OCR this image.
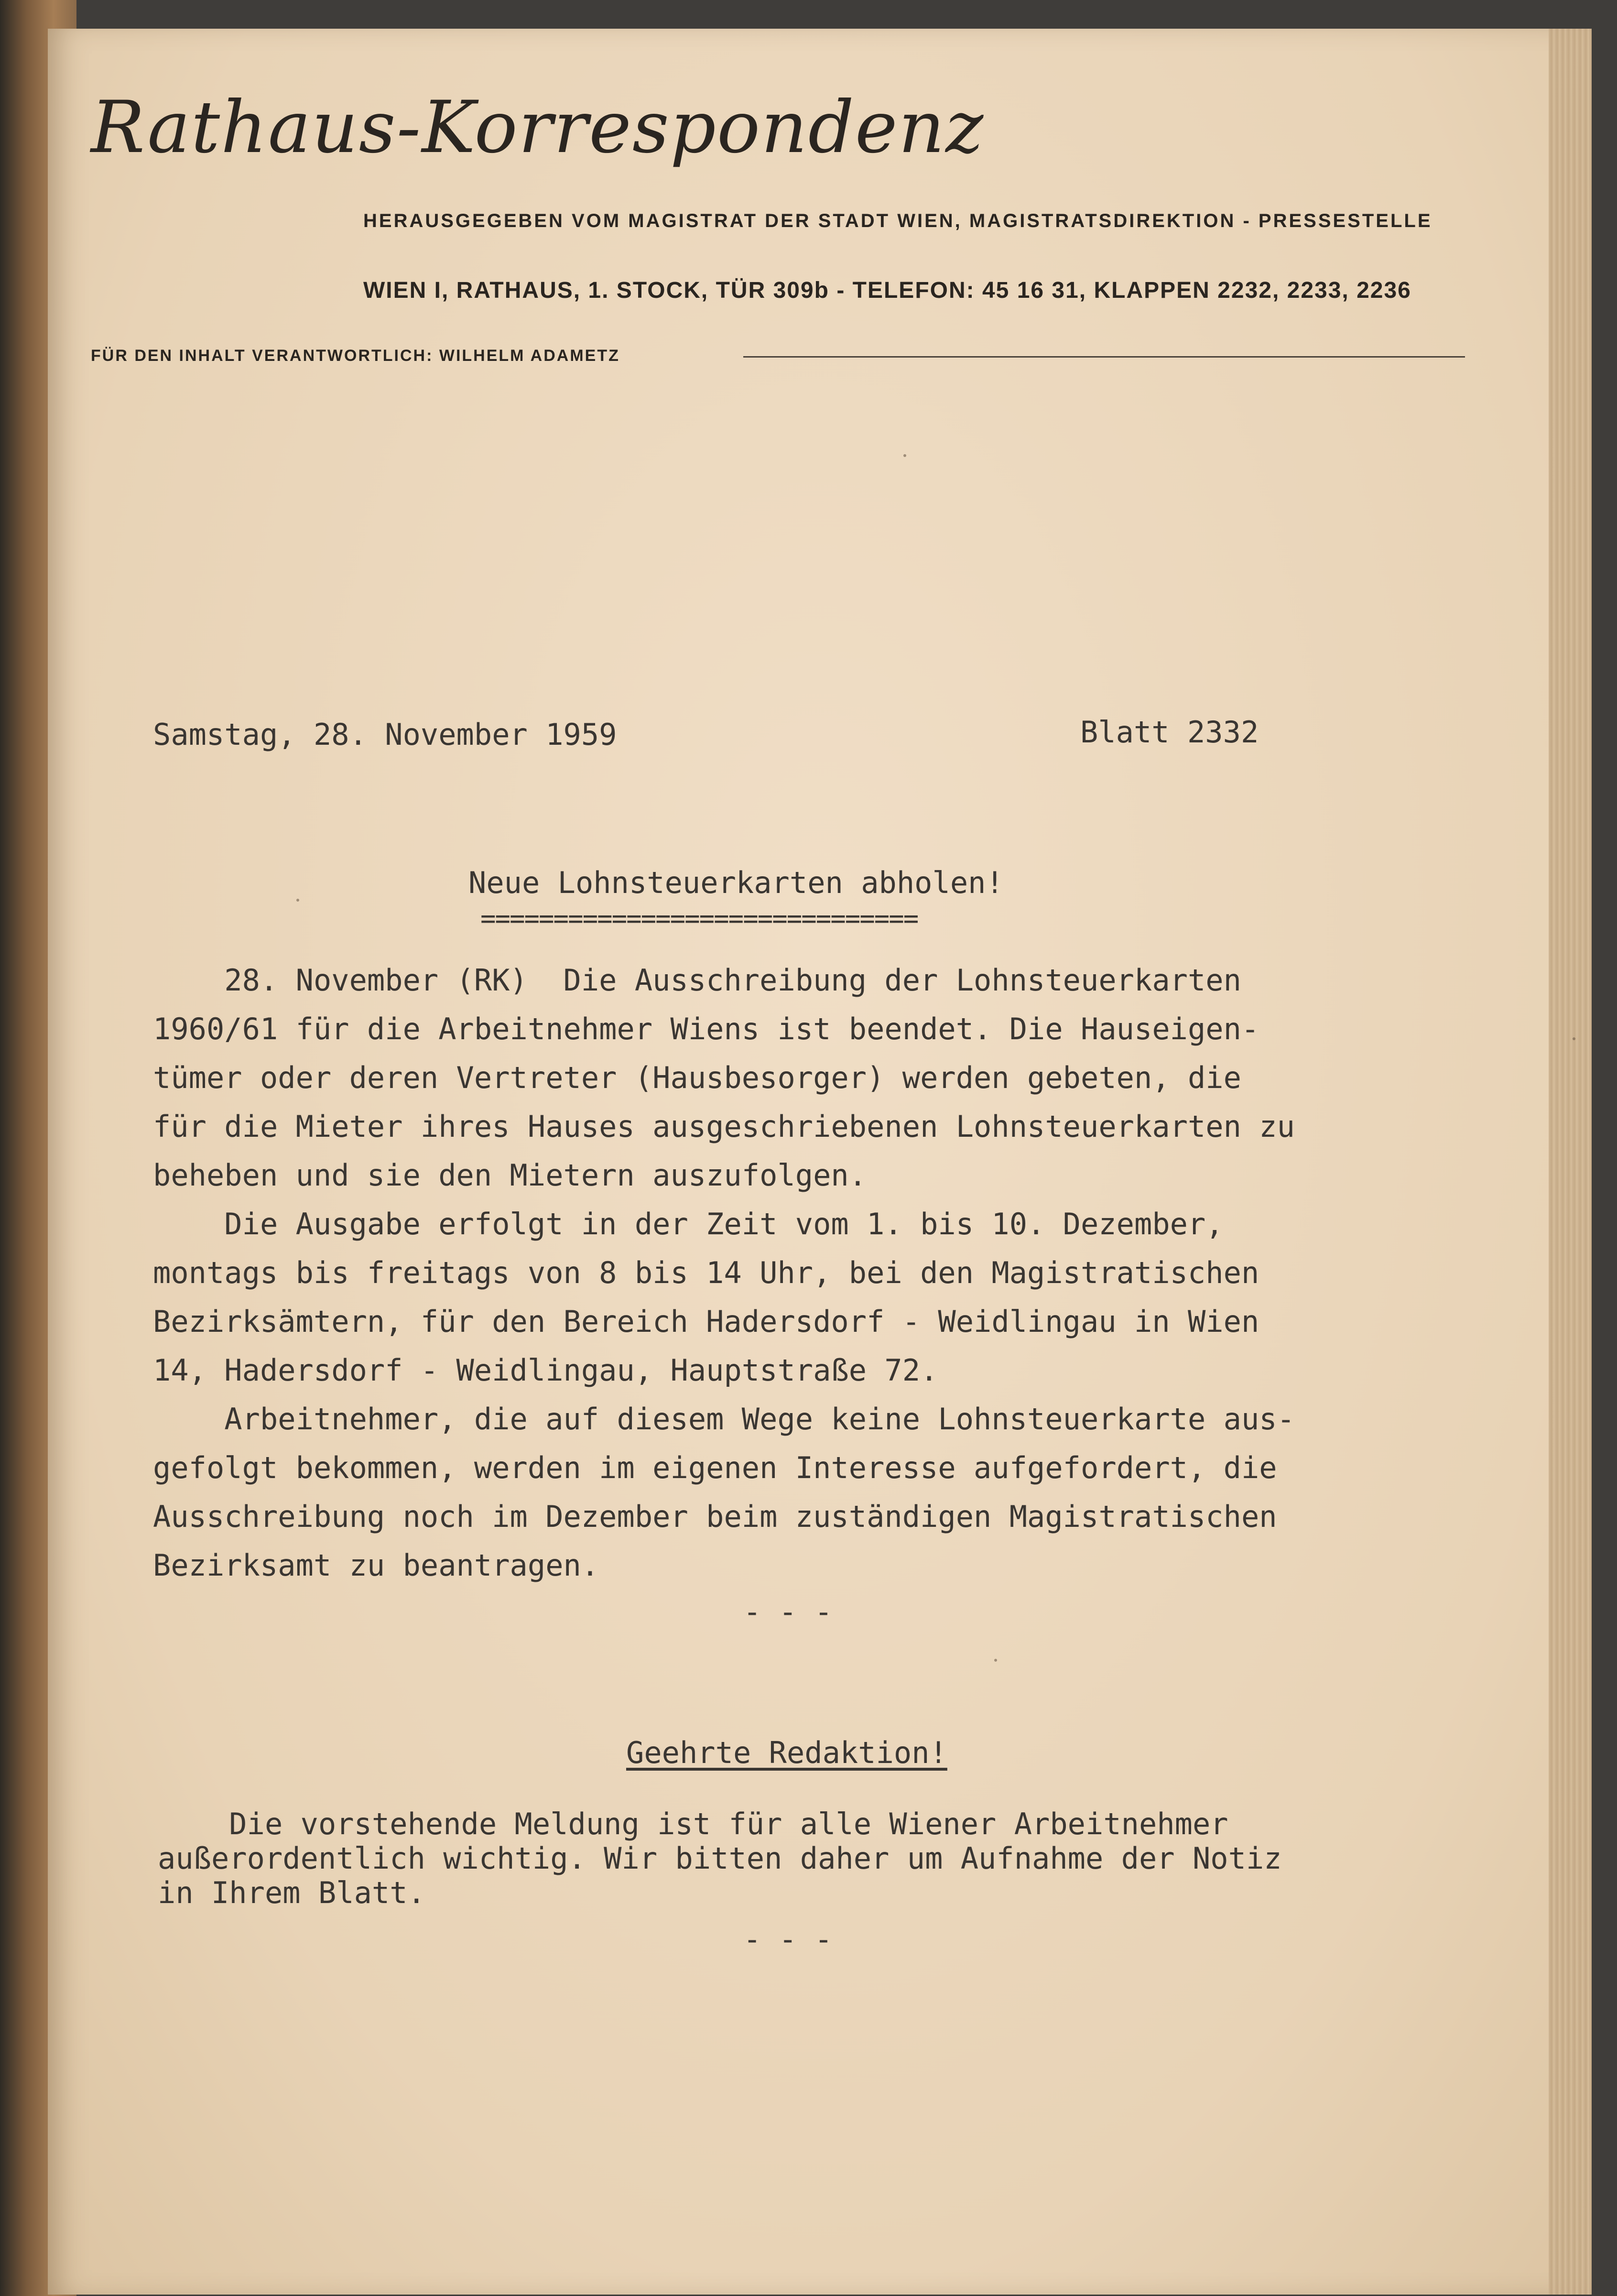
Rathaus-Korrespondenz
HERAUSGEGEBEN VOM MAGISTRAT DER STADT WIEN, MAGISTRATSDIREKTION - PRESSESTELLE
WIEN I, RATHAUS, 1. STOCK, TÜR 309b - TELEFON: 45 16 31, KLAPPEN 2232, 2233, 2236
FÜR DEN INHALT VERANTWORTLICH: WILHELM ADAMETZ
Samstag, 28. November 1959	Blatt 2332
Neue Lohnsteuerkarten abholen!
==============================

28. November (RK)  Die Ausschreibung der Lohnsteuerkarten

1960/61 für die Arbeitnehmer Wiens ist beendet. Die Hauseigen-

tümer oder deren Vertreter (Hausbesorger) werden gebeten, die

für die Mieter ihres Hauses ausgeschriebenen Lohnsteuerkarten zu

beheben und sie den Mietern auszufolgen.

Die Ausgabe erfolgt in der Zeit vom 1. bis 10. Dezember,

montags bis freitags von 8 bis 14 Uhr, bei den Magistratischen

Bezirksämtern, für den Bereich Hadersdorf - Weidlingau in Wien

14, Hadersdorf - Weidlingau, Hauptstraße 72.

Arbeitnehmer, die auf diesem Wege keine Lohnsteuerkarte aus-

gefolgt bekommen, werden im eigenen Interesse aufgefordert, die

Ausschreibung noch im Dezember beim zuständigen Magistratischen

Bezirksamt zu beantragen.

- - -
Geehrte Redaktion!
Die vorstehende Meldung ist für alle Wiener Arbeitnehmer
außerordentlich wichtig. Wir bitten daher um Aufnahme der Notiz
in Ihrem Blatt.
- - -
